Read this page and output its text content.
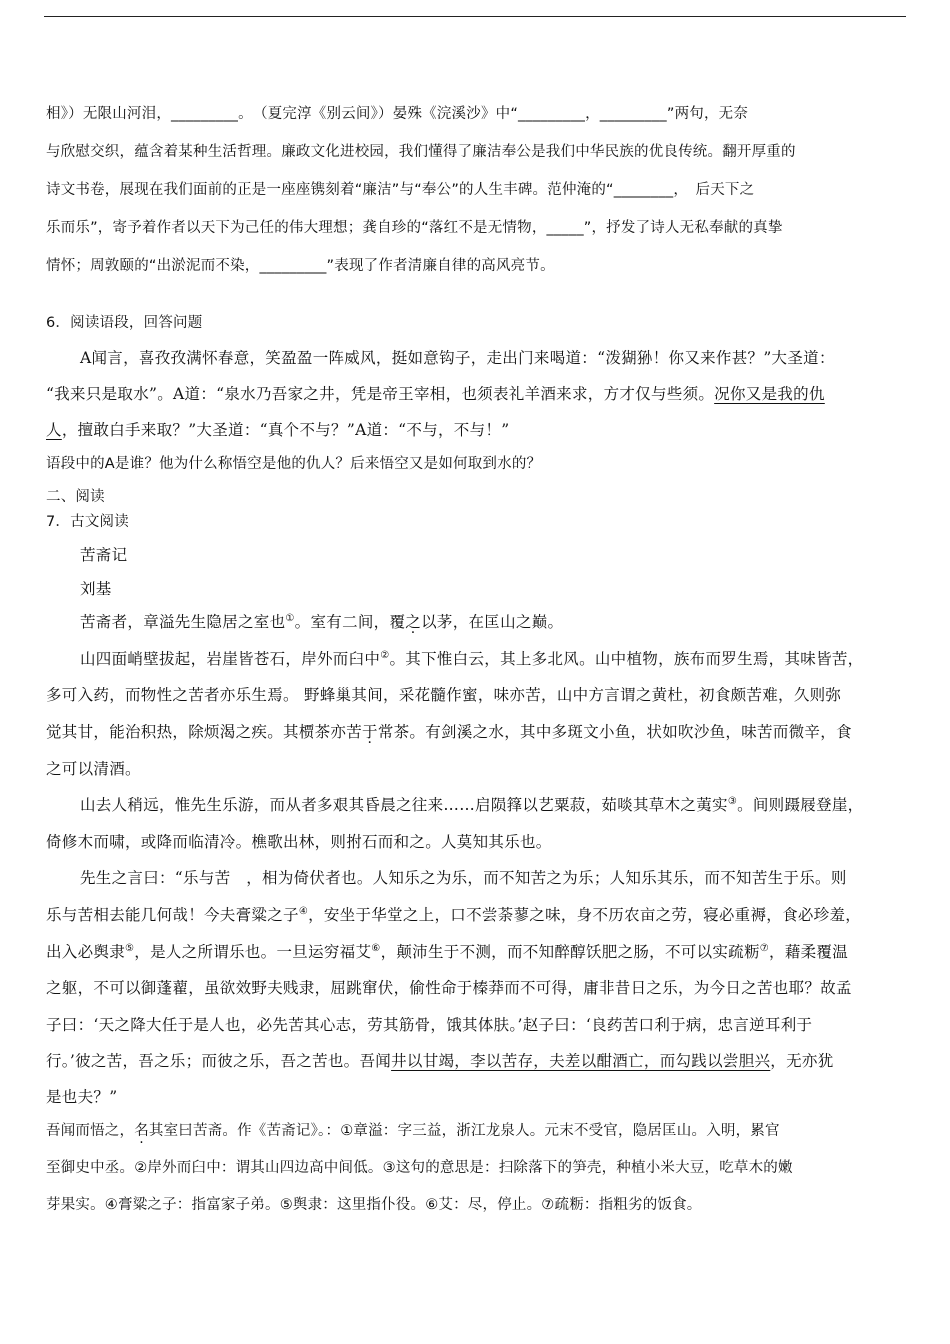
相》）无限山河泪，_________。　（夏完淳《别云间》）晏殊《浣溪沙》中“_________，_________”两句，无奈
与欣慰交织，蕴含着某种生活哲理。廉政文化进校园，我们懂得了廉洁奉公是我们中华民族的优良传统。翻开厚重的
诗文书卷，展现在我们面前的正是一座座镌刻着“廉洁”与“奉公”的人生丰碑。范仲淹的“________，　后天下之
乐而乐”，寄予着作者以天下为己任的伟大理想；龚自珍的“落红不是无情物，_____”，抒发了诗人无私奉献的真挚
情怀；周敦颐的“出淤泥而不染，_________”表现了作者清廉自律的高风亮节。
6．阅读语段，回答问题
A闻言，喜孜孜满怀春意，笑盈盈一阵威风，挺如意钩子，走出门来喝道：“泼猢狲！你又来作甚？”大圣道：
“我来只是取水”。A道：“泉水乃吾家之井，凭是帝王宰相，也须表礼羊酒来求，方才仅与些须。况你又是我的仇
人，擅敢白手来取？”大圣道：“真个不与？”A道：“不与，不与！”
语段中的A是谁？他为什么称悟空是他的仇人？后来悟空又是如何取到水的？
二、阅读
7．古文阅读
苦斋记
刘基
苦斋者，章溢先生隐居之室也①。室有二间，覆之以茅，在匡山之巅。
山四面峭壁拔起，岩崖皆苍石，岸外而臼中②。其下惟白云，其上多北风。山中植物，族布而罗生焉，其味皆苦，
多可入药，而物性之苦者亦乐生焉。 野蜂巢其间，采花髓作蜜，味亦苦，山中方言谓之黄杜，初食颇苦难，久则弥
觉其甘，能治积热，除烦渴之疾。其槚茶亦苦于常茶。有剑溪之水，其中多斑文小鱼，状如吹沙鱼，味苦而微辛，食
之可以清酒。
山去人稍远，惟先生乐游，而从者多艰其昏晨之往来……启陨箨以艺粟菽，茹啖其草木之荑实③。间则蹑屐登崖，
倚修木而啸，或降而临清冷。樵歌出林，则拊石而和之。人莫知其乐也。
先生之言曰：“乐与苦　，相为倚伏者也。人知乐之为乐，而不知苦之为乐；人知乐其乐，而不知苦生于乐。则
乐与苦相去能几何哉！今夫膏粱之子④，安坐于华堂之上，口不尝荼蓼之味，身不历农亩之劳，寝必重褥，食必珍羞，
出入必舆隶⑤，是人之所谓乐也。一旦运穷福艾⑥，颠沛生于不测，而不知醉醇饫肥之肠，不可以实疏粝⑦，藉柔覆温
之躯，不可以御蓬藋，虽欲效野夫贱隶，屈跳窜伏，偷性命于榛莽而不可得，庸非昔日之乐，为今日之苦也耶？故孟
子曰：‘天之降大任于是人也，必先苦其心志，劳其筋骨，饿其体肤。’赵子曰：‘良药苦口利于病，忠言逆耳利于
行。’彼之苦，吾之乐；而彼之乐，吾之苦也。吾闻井以甘竭，李以苦存，夫差以酣酒亡，而勾践以尝胆兴，无亦犹
是也夫？”
吾闻而悟之，名其室曰苦斋。作《苦斋记》。：①章溢：字三益，浙江龙泉人。元末不受官，隐居匡山。入明，累官
至御史中丞。②岸外而臼中：谓其山四边高中间低。③这句的意思是：扫除落下的笋壳，种植小米大豆，吃草木的嫩
芽果实。④膏粱之子：指富家子弟。⑤舆隶：这里指仆役。⑥艾：尽，停止。⑦疏粝：指粗劣的饭食。
